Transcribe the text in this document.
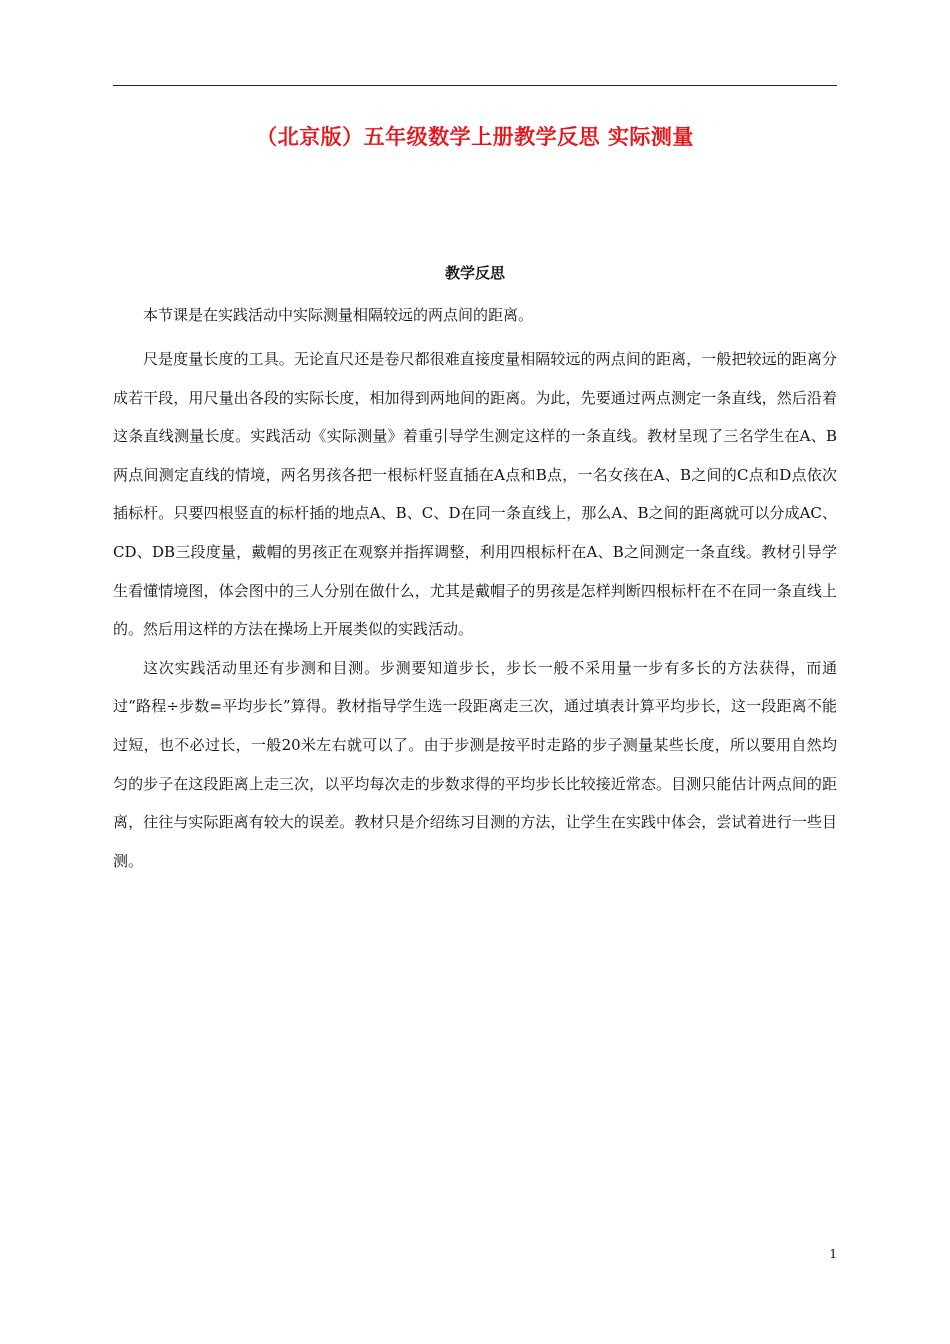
（北京版）五年级数学上册教学反思 实际测量
教学反思

本节课是在实践活动中实际测量相隔较远的两点间的距离。

尺是度量长度的工具。无论直尺还是卷尺都很难直接度量相隔较远的两点间的距离，一般把较远的距离分成若干段，用尺量出各段的实际长度，相加得到两地间的距离。为此，先要通过两点测定一条直线，然后沿着这条直线测量长度。实践活动《实际测量》着重引导学生测定这样的一条直线。教材呈现了三名学生在A、B两点间测定直线的情境，两名男孩各把一根标杆竖直插在A点和B点，一名女孩在A、B之间的C点和D点依次插标杆。只要四根竖直的标杆插的地点A、B、C、D在同一条直线上，那么A、B之间的距离就可以分成AC、CD、DB三段度量，戴帽的男孩正在观察并指挥调整，利用四根标杆在A、B之间测定一条直线。教材引导学生看懂情境图，体会图中的三人分别在做什么，尤其是戴帽子的男孩是怎样判断四根标杆在不在同一条直线上的。然后用这样的方法在操场上开展类似的实践活动。

这次实践活动里还有步测和目测。步测要知道步长，步长一般不采用量一步有多长的方法获得，而通过“路程÷步数=平均步长”算得。教材指导学生选一段距离走三次，通过填表计算平均步长，这一段距离不能过短，也不必过长，一般20米左右就可以了。由于步测是按平时走路的步子测量某些长度，所以要用自然均匀的步子在这段距离上走三次，以平均每次走的步数求得的平均步长比较接近常态。目测只能估计两点间的距离，往往与实际距离有较大的误差。教材只是介绍练习目测的方法，让学生在实践中体会，尝试着进行一些目测。

1
